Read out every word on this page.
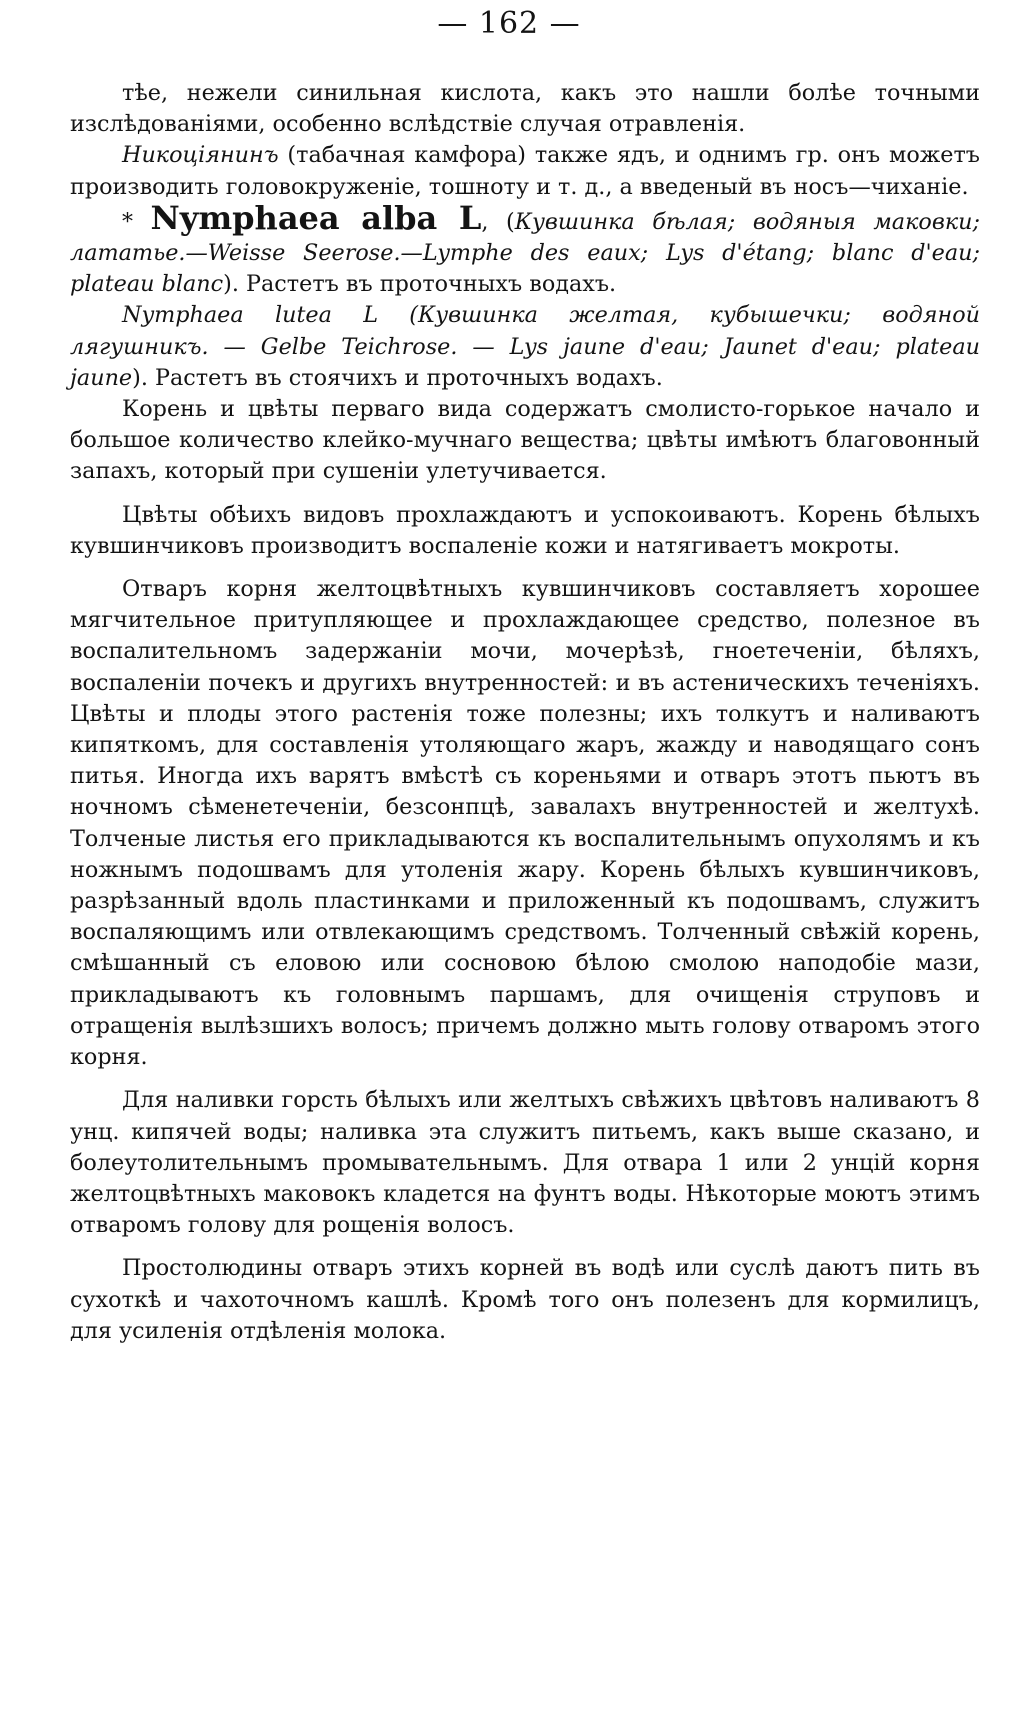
— 162 —

тѣе, нежели синильная кислота, какъ это нашли болѣе точными изслѣдованіями, особенно вслѣдствіе случая отравленія.

Никоціянинъ (табачная камфора) также ядъ, и однимъ гр. онъ можетъ производить головокруженіе, тошноту и т. д., а введеный въ носъ—чиханіе.

* Nymphaea alba L, (Кувшинка бѣлая; водяныя маковки; лататье.—Weisse Seerose.—Lymphe des eaux; Lys d'étang; blanc d'eau; plateau blanc). Растетъ въ проточныхъ водахъ.

Nymphaea lutea L (Кувшинка желтая, кубышечки; водяной лягушникъ. — Gelbe Teichrose. — Lys jaune d'eau; Jaunet d'eau; plateau jaune). Растетъ въ стоячихъ и проточныхъ водахъ.

Корень и цвѣты перваго вида содержатъ смолисто-горькое начало и большое количество клейко-мучнаго вещества; цвѣты имѣютъ благовонный запахъ, который при сушеніи улетучивается.

Цвѣты обѣихъ видовъ прохлаждаютъ и успокоиваютъ. Корень бѣлыхъ кувшинчиковъ производитъ воспаленіе кожи и натягиваетъ мокроты.

Отваръ корня желтоцвѣтныхъ кувшинчиковъ составляетъ хорошее мягчительное притупляющее и прохлаждающее средство, полезное въ воспалительномъ задержаніи мочи, мочерѣзѣ, гноетеченіи, бѣляхъ, воспаленіи почекъ и другихъ внутренностей: и въ астеническихъ теченіяхъ. Цвѣты и плоды этого растенія тоже полезны; ихъ толкутъ и наливаютъ кипяткомъ, для составленія утоляющаго жаръ, жажду и наводящаго сонъ питья. Иногда ихъ варятъ вмѣстѣ съ кореньями и отваръ этотъ пьютъ въ ночномъ сѣменетеченіи, безсонпцѣ, завалахъ внутренностей и желтухѣ. Толченые листья его прикладываются къ воспалительнымъ опухолямъ и къ ножнымъ подошвамъ для утоленія жару. Корень бѣлыхъ кувшинчиковъ, разрѣзанный вдоль пластинками и приложенный къ подошвамъ, служитъ воспаляющимъ или отвлекающимъ средствомъ. Толченный свѣжій корень, смѣшанный съ еловою или сосновою бѣлою смолою наподобіе мази, прикладываютъ къ головнымъ паршамъ, для очищенія струповъ и отращенія вылѣзшихъ волосъ; причемъ должно мыть голову отваромъ этого корня.

Для наливки горсть бѣлыхъ или желтыхъ свѣжихъ цвѣтовъ наливаютъ 8 унц. кипячей воды; наливка эта служитъ питьемъ, какъ выше сказано, и болеутолительнымъ промывательнымъ. Для отвара 1 или 2 унцій корня желтоцвѣтныхъ маковокъ кладется на фунтъ воды. Нѣкоторые моютъ этимъ отваромъ голову для рощенія волосъ.

Простолюдины отваръ этихъ корней въ водѣ или суслѣ даютъ пить въ сухоткѣ и чахоточномъ кашлѣ. Кромѣ того онъ полезенъ для кормилицъ, для усиленія отдѣленія молока.
